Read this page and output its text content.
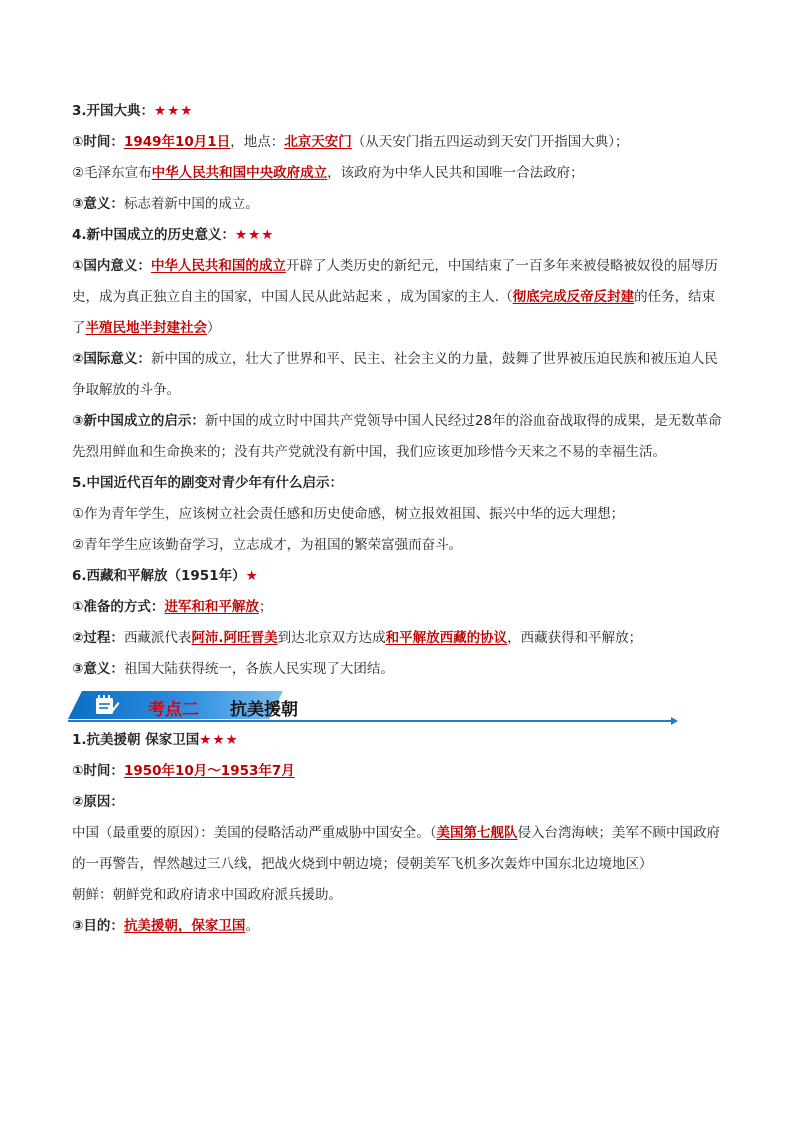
3.开国大典：★★★

①时间：1949年10月1日，地点：北京天安门（从天安门指五四运动到天安门开指国大典）；

②毛泽东宣布中华人民共和国中央政府成立，该政府为中华人民共和国唯一合法政府；

③意义：标志着新中国的成立。

4.新中国成立的历史意义：★★★

①国内意义：中华人民共和国的成立开辟了人类历史的新纪元，中国结束了一百多年来被侵略被奴役的屈辱历史，成为真正独立自主的国家，中国人民从此站起来 ，成为国家的主人.（彻底完成反帝反封建的任务，结束了半殖民地半封建社会）

②国际意义：新中国的成立，壮大了世界和平、民主、社会主义的力量，鼓舞了世界被压迫民族和被压迫人民争取解放的斗争。

③新中国成立的启示：新中国的成立时中国共产党领导中国人民经过28年的浴血奋战取得的成果，是无数革命先烈用鲜血和生命换来的；没有共产党就没有新中国，我们应该更加珍惜今天来之不易的幸福生活。

5.中国近代百年的剧变对青少年有什么启示：

①作为青年学生，应该树立社会责任感和历史使命感，树立报效祖国、振兴中华的远大理想；

②青年学生应该勤奋学习，立志成才，为祖国的繁荣富强而奋斗。

6.西藏和平解放（1951年）★

①准备的方式：进军和和平解放；

②过程：西藏派代表阿沛.阿旺晋美到达北京双方达成和平解放西藏的协议，西藏获得和平解放；

③意义：祖国大陆获得统一，各族人民实现了大团结。

考点二 抗美援朝

1.抗美援朝 保家卫国★★★

①时间：1950年10月～1953年7月

②原因：

中国（最重要的原因）：美国的侵略活动严重威胁中国安全。（美国第七舰队侵入台湾海峡；美军不顾中国政府的一再警告，悍然越过三八线，把战火烧到中朝边境；侵朝美军飞机多次轰炸中国东北边境地区）

朝鲜：朝鲜党和政府请求中国政府派兵援助。

③目的：抗美援朝，保家卫国。
